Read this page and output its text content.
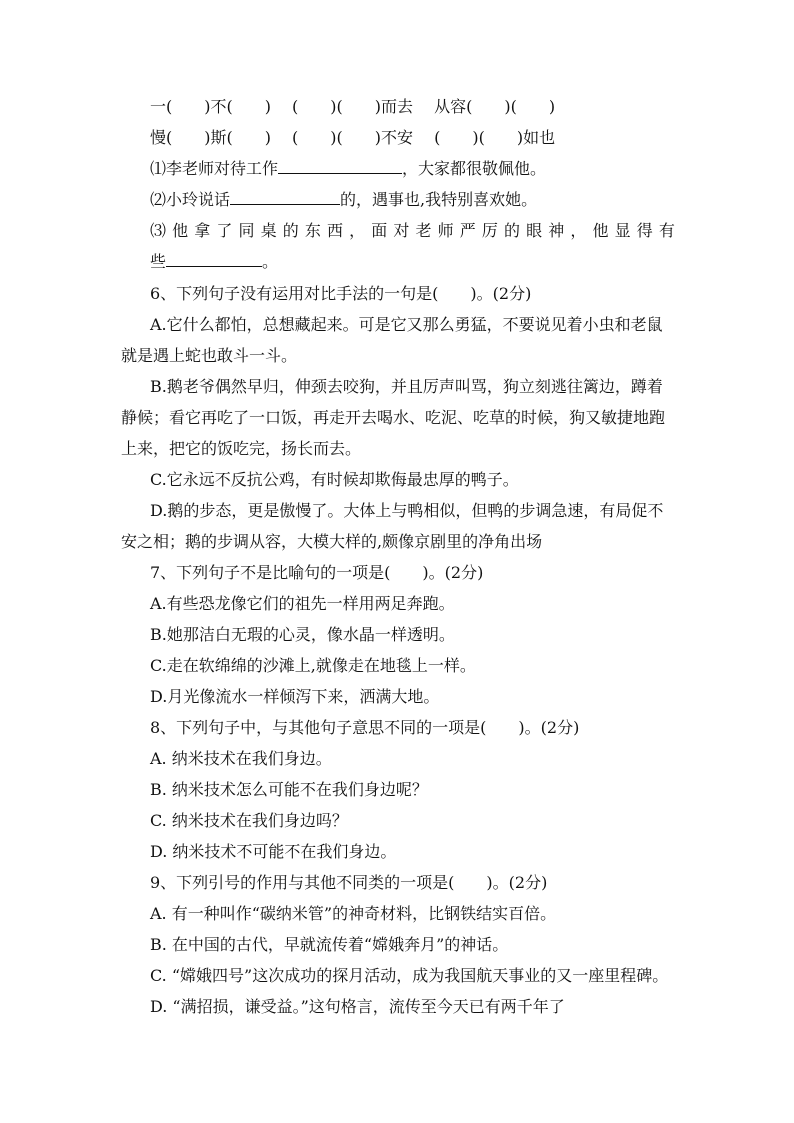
一(　　)不(　　)　 (　　)(　　)而去　 从容(　　)(　　)
慢(　　)斯(　　)　 (　　)(　　)不安　 (　　)(　　)如也
⑴李老师对待工作	，大家都很敬佩他。
⑵小玲说话	的，遇事也,我特别喜欢她。
⑶ 他 拿 了 同 桌 的 东 西 ， 面 对 老 师 严 厉 的 眼 神 ， 他 显 得 有
些	。
6、下列句子没有运用对比手法的一句是(　　)。(2分)
A.它什么都怕，总想藏起来。可是它又那么勇猛，不要说见着小虫和老鼠
就是遇上蛇也敢斗一斗。
B.鹅老爷偶然早归，伸颈去咬狗，并且厉声叫骂，狗立刻逃往篱边，蹲着
静候；看它再吃了一口饭，再走开去喝水、吃泥、吃草的时候，狗又敏捷地跑
上来，把它的饭吃完，扬长而去。
C.它永远不反抗公鸡，有时候却欺侮最忠厚的鸭子。
D.鹅的步态，更是傲慢了。大体上与鸭相似，但鸭的步调急速，有局促不
安之相；鹅的步调从容，大模大样的,颇像京剧里的净角出场
7、下列句子不是比喻句的一项是(　　)。(2分)
A.有些恐龙像它们的祖先一样用两足奔跑。
B.她那洁白无瑕的心灵，像水晶一样透明。
C.走在软绵绵的沙滩上,就像走在地毯上一样。
D.月光像流水一样倾泻下来，洒满大地。
8、下列句子中，与其他句子意思不同的一项是(　　)。(2分)
A. 纳米技术在我们身边。
B. 纳米技术怎么可能不在我们身边呢？
C. 纳米技术在我们身边吗？
D. 纳米技术不可能不在我们身边。
9、下列引号的作用与其他不同类的一项是(　　)。(2分)
A. 有一种叫作“碳纳米管”的神奇材料，比钢铁结实百倍。
B. 在中国的古代，早就流传着“嫦娥奔月”的神话。
C. “嫦娥四号”这次成功的探月活动，成为我国航天事业的又一座里程碑。
D. “满招损，谦受益。”这句格言，流传至今天已有两千年了
